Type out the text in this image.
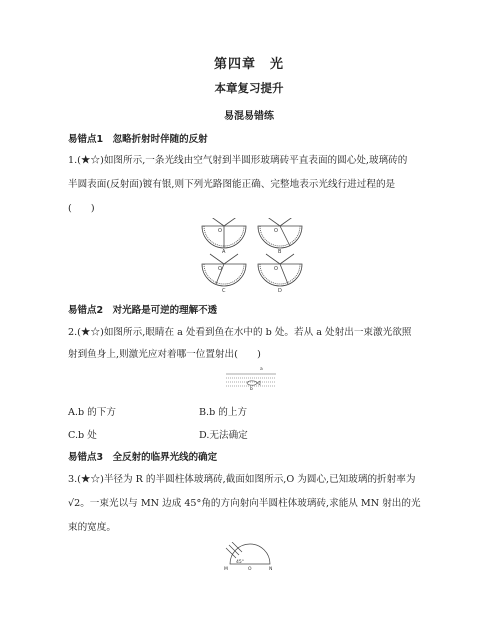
第四章　光
本章复习提升
易混易错练
易错点1　忽略折射时伴随的反射
1.(★☆)如图所示,一条光线由空气射到半圆形玻璃砖平直表面的圆心处,玻璃砖的
半圆表面(反射面)镀有银,则下列光路图能正确、完整地表示光线行进过程的是
(　　)
O	O
O	O
A	B
C	D
易错点2　对光路是可逆的理解不透
2.(★☆)如图所示,眼睛在 a 处看到鱼在水中的 b 处。若从 a 处射出一束激光欲照
射到鱼身上,则激光应对着哪一位置射出(　　)
a
b
A.b 的下方	B.b 的上方
C.b 处	D.无法确定
易错点3　全反射的临界光线的确定
3.(★☆)半径为 R 的半圆柱体玻璃砖,截面如图所示,O 为圆心,已知玻璃的折射率为
√2。一束光以与 MN 边成 45°角的方向射向半圆柱体玻璃砖,求能从 MN 射出的光
束的宽度。
M	O	N
45°
